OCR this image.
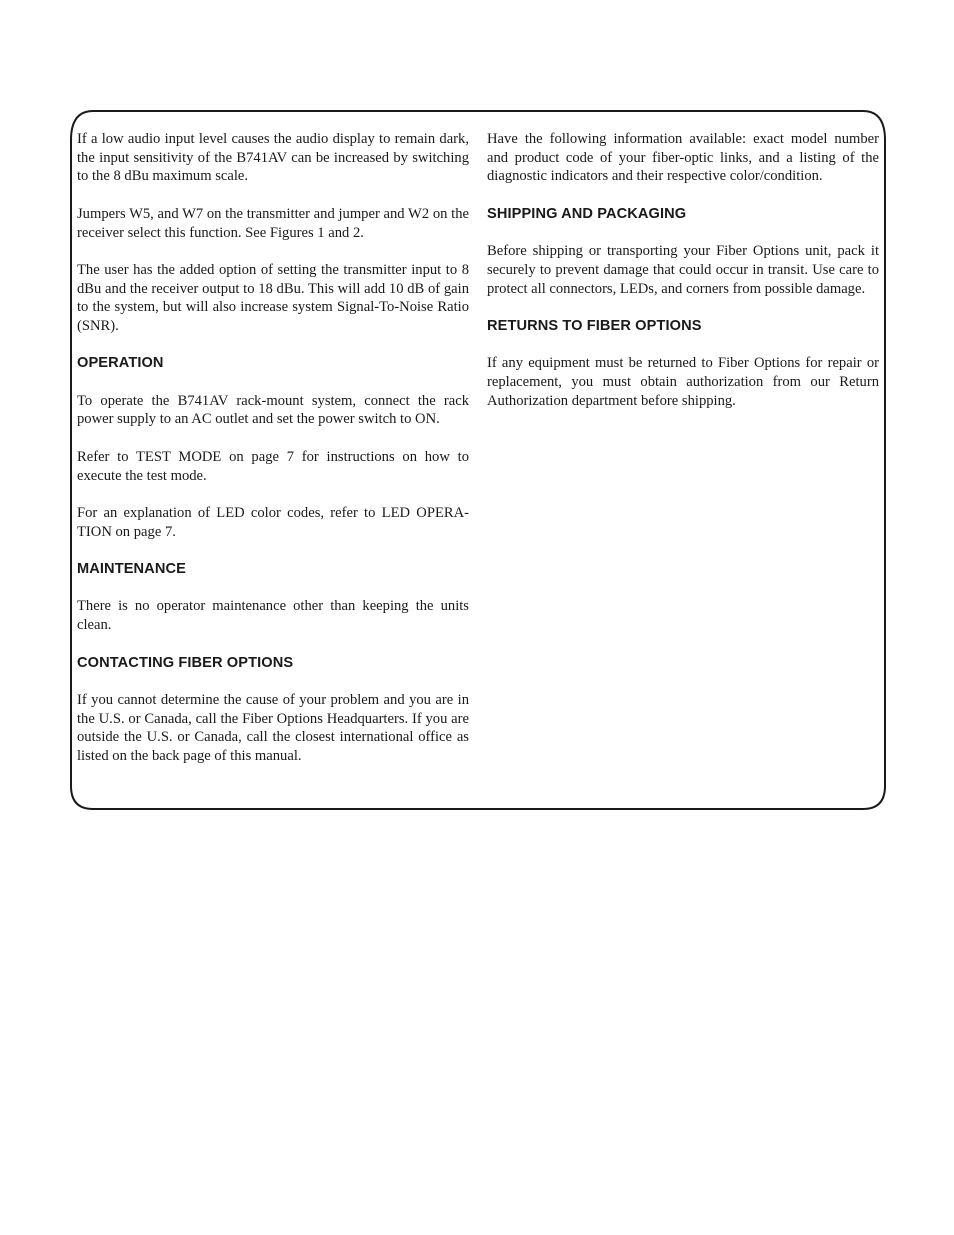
If a low audio input level causes the audio display to remain dark, the input sensitivity of the B741AV can be increased by switching to the 8 dBu maximum scale.

Jumpers W5, and W7 on the transmitter and jumper and W2 on the receiver select this function. See Figures 1 and 2.

The user has the added option of setting the transmitter input to 8 dBu and the receiver output to 18 dBu. This will add 10 dB of gain to the system, but will also increase system Signal-To-Noise Ratio (SNR).

OPERATION

To operate the B741AV rack-mount system, connect the rack power supply to an AC outlet and set the power switch to ON.

Refer to TEST MODE on page 7 for instructions on how to execute the test mode.

For an explanation of LED color codes, refer to LED OPERA-TION on page 7.

MAINTENANCE

There is no operator maintenance other than keeping the units clean.

CONTACTING FIBER OPTIONS

If you cannot determine the cause of your problem and you are in the U.S. or Canada, call the Fiber Options Headquarters. If you are outside the U.S. or Canada, call the closest international office as listed on the back page of this manual.

Have the following information available: exact model number and product code of your fiber-optic links, and a listing of the diagnostic indicators and their respective color/condition.

SHIPPING AND PACKAGING

Before shipping or transporting your Fiber Options unit, pack it securely to prevent damage that could occur in transit. Use care to protect all connectors, LEDs, and corners from possible damage.

RETURNS TO FIBER OPTIONS

If any equipment must be returned to Fiber Options for repair or replacement, you must obtain authorization from our Return Authorization department before shipping.
